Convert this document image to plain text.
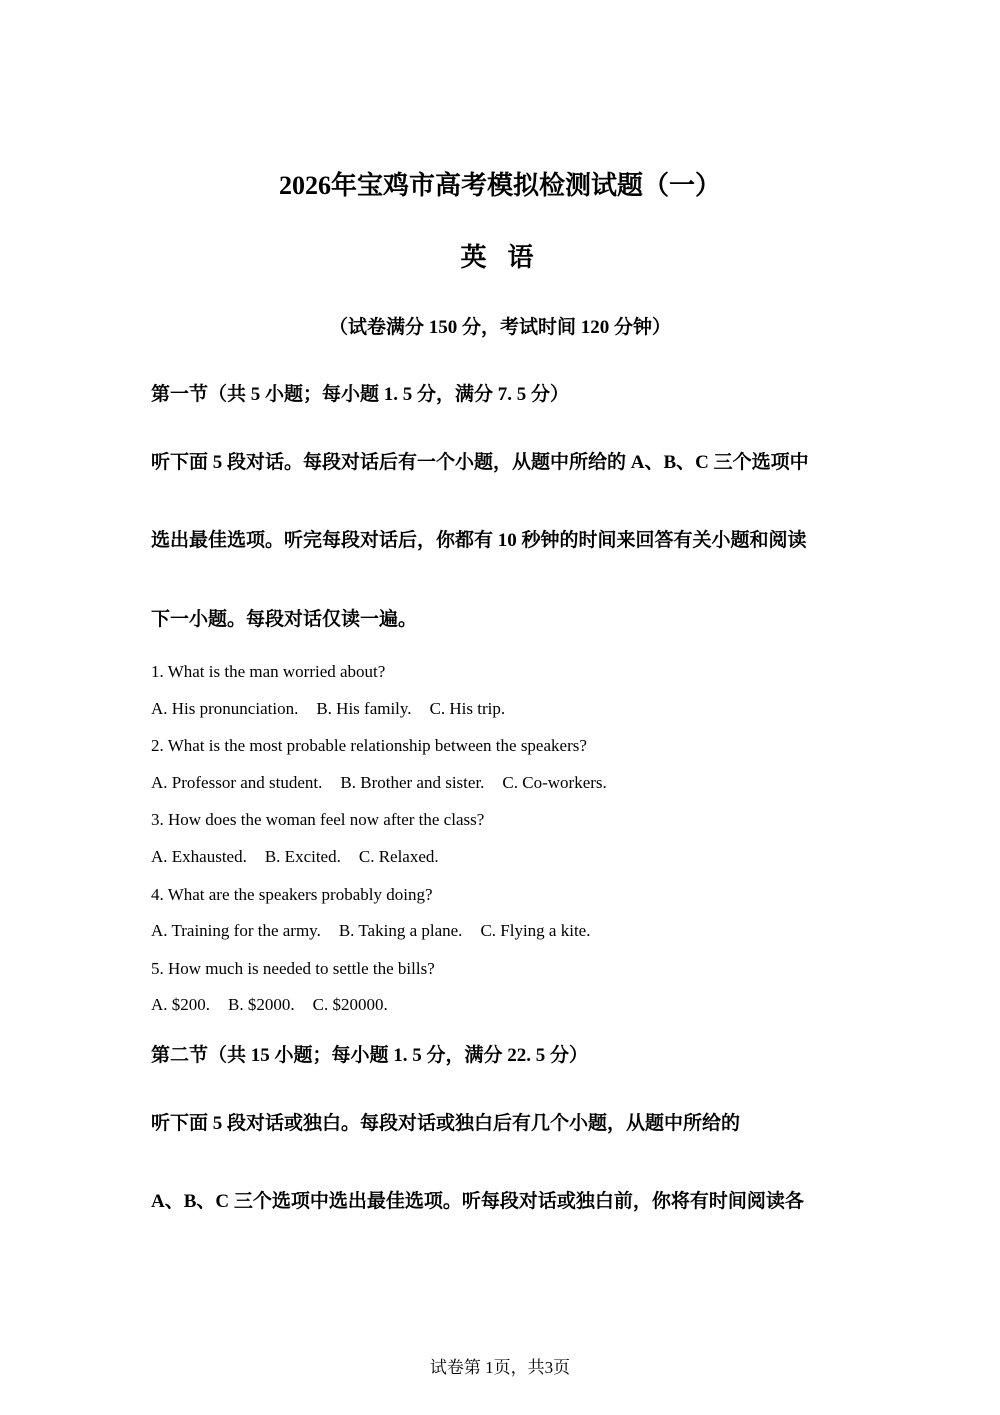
2026年宝鸡市高考模拟检测试题（一）
英 语
（试卷满分 150 分，考试时间 120 分钟）
第一节（共 5 小题；每小题 1. 5 分，满分 7. 5 分）
听下面 5 段对话。每段对话后有一个小题，从题中所给的 A、B、C 三个选项中
选出最佳选项。听完每段对话后，你都有 10 秒钟的时间来回答有关小题和阅读
下一小题。每段对话仅读一遍。
1. What is the man worried about?
A. His pronunciation. B. His family. C. His trip.
2. What is the most probable relationship between the speakers?
A. Professor and student. B. Brother and sister. C. Co-workers.
3. How does the woman feel now after the class?
A. Exhausted. B. Excited. C. Relaxed.
4. What are the speakers probably doing?
A. Training for the army. B. Taking a plane. C. Flying a kite.
5. How much is needed to settle the bills?
A. $200. B. $2000. C. $20000.
第二节（共 15 小题；每小题 1. 5 分，满分 22. 5 分）
听下面 5 段对话或独白。每段对话或独白后有几个小题，从题中所给的
A、B、C 三个选项中选出最佳选项。听每段对话或独白前，你将有时间阅读各
试卷第 1页，共3页
